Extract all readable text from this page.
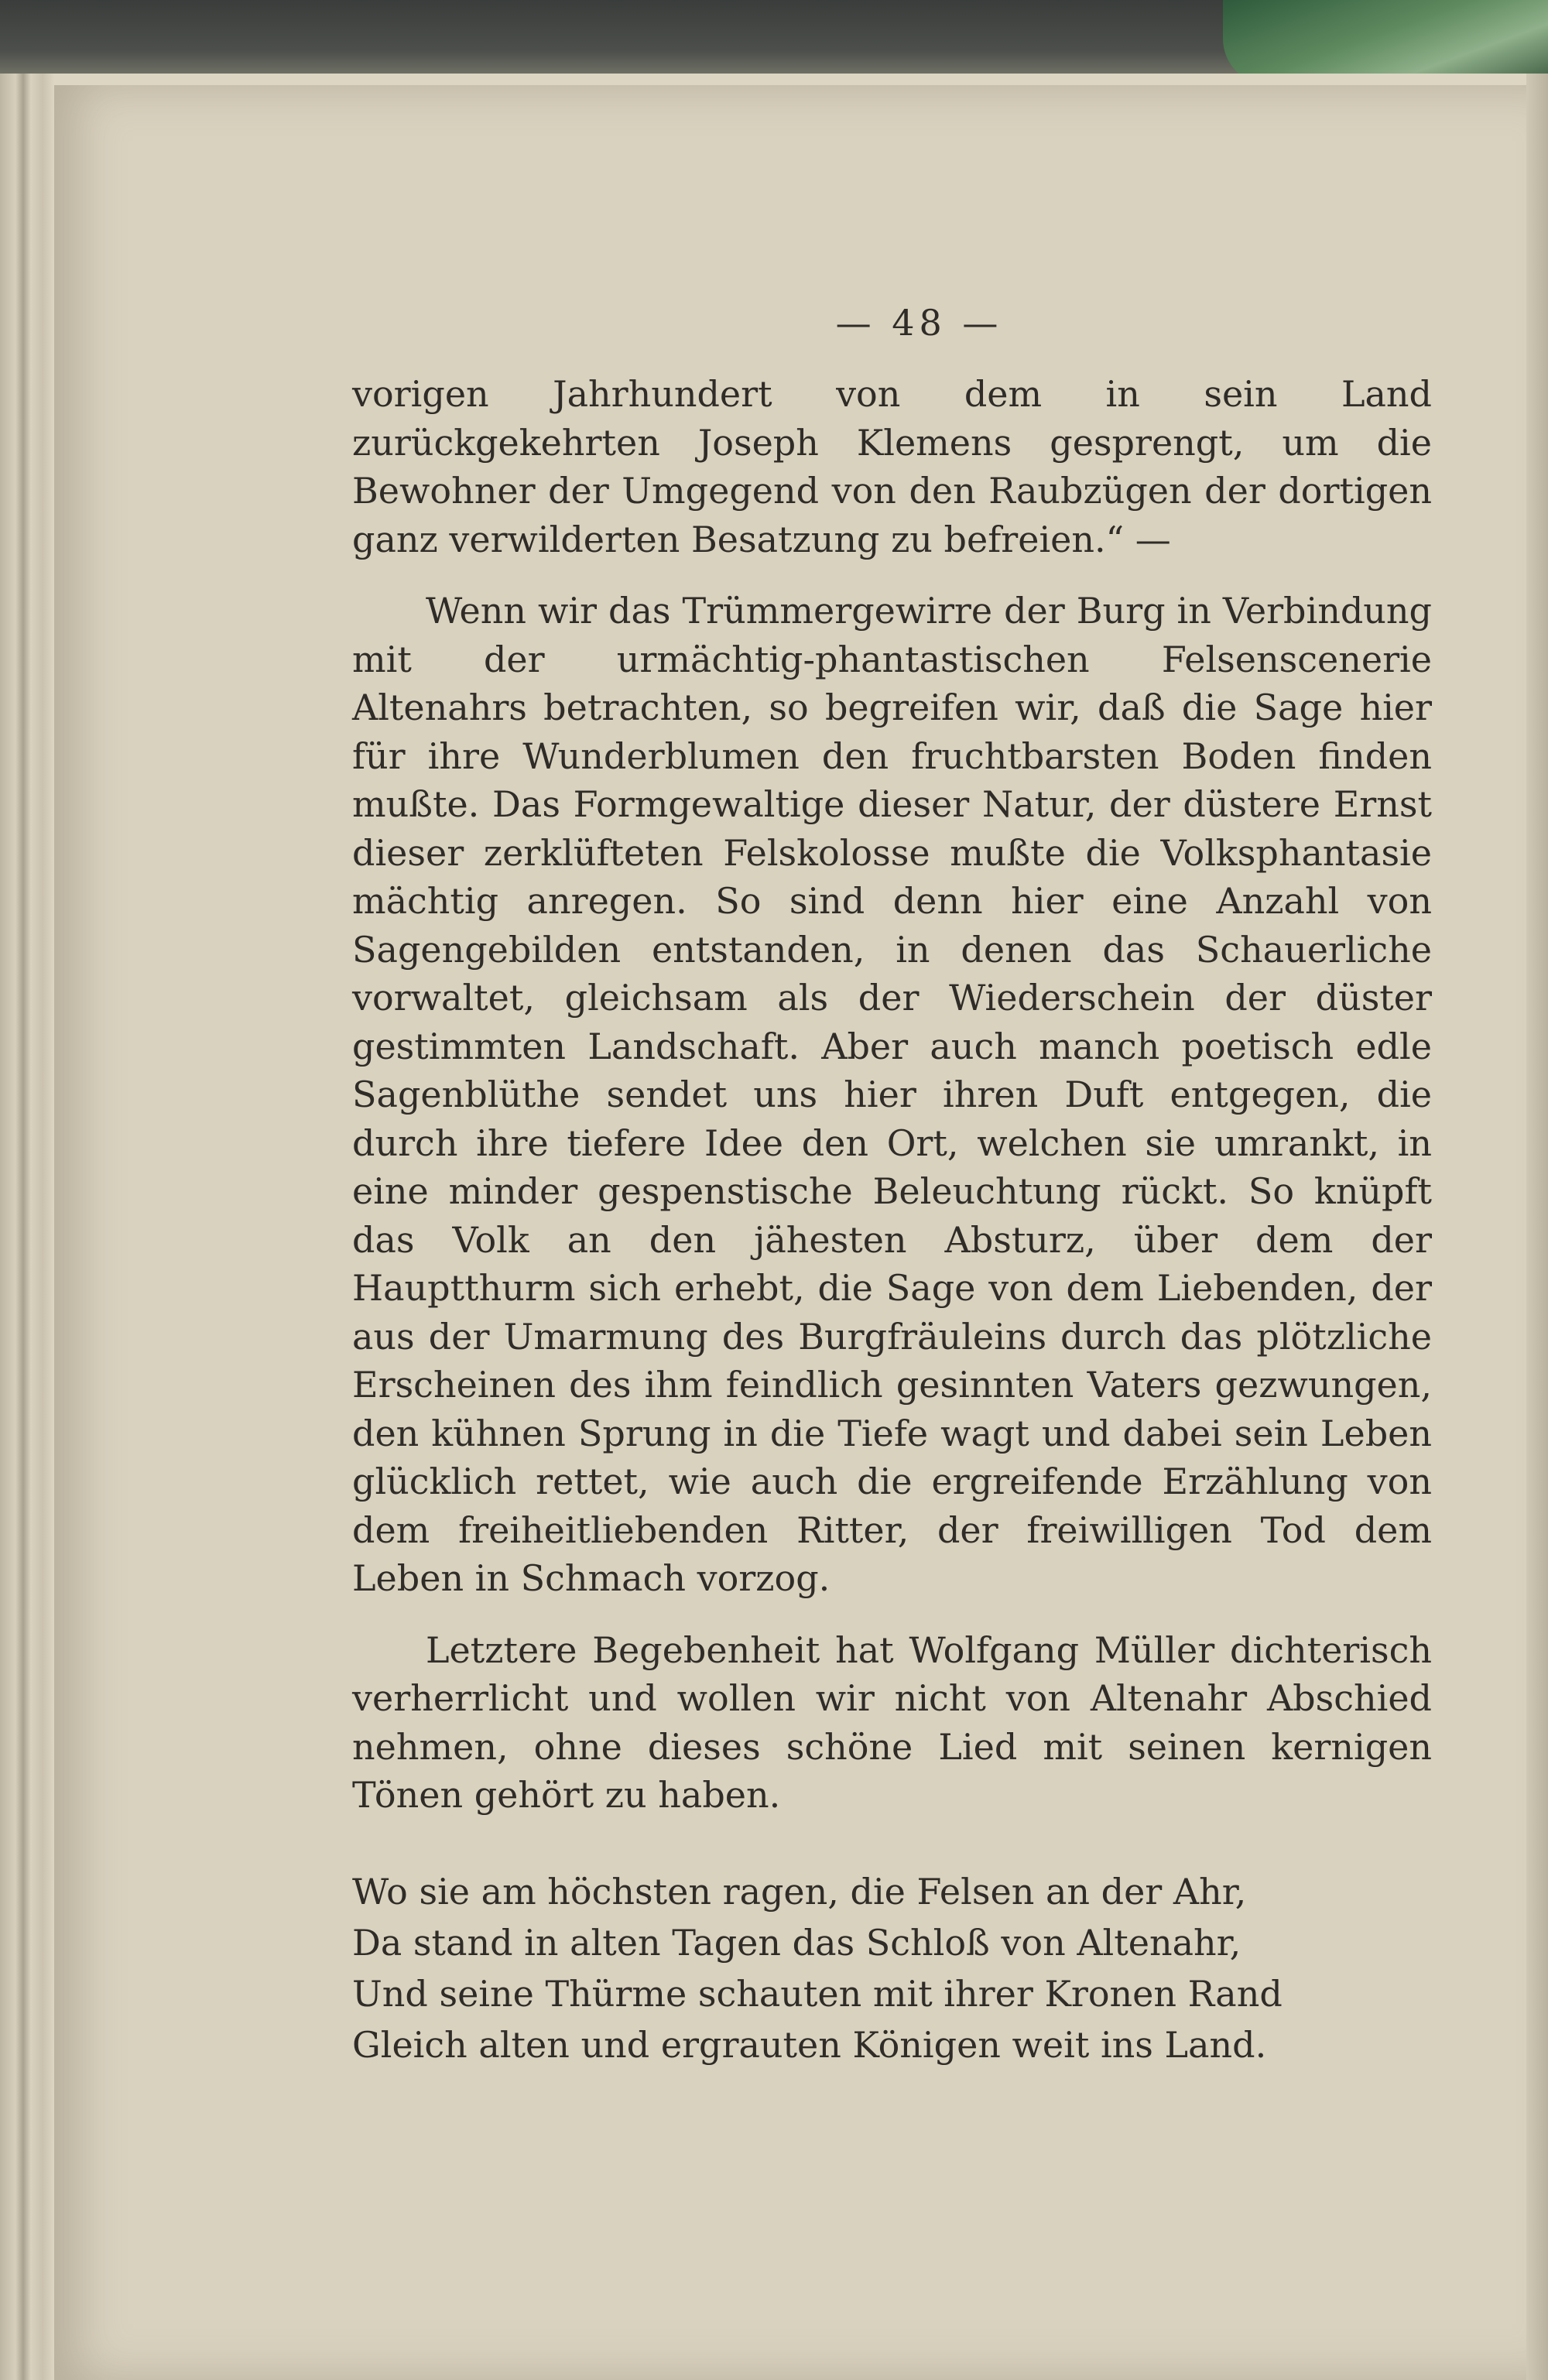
— 48 —

vorigen Jahrhundert von dem in sein Land zurückgekehrten Joseph Klemens gesprengt, um die Bewohner der Umgegend von den Raubzügen der dortigen ganz verwilderten Besatzung zu befreien.“ —

Wenn wir das Trümmergewirre der Burg in Verbindung mit der urmächtig-phantastischen Felsenscenerie Altenahrs betrachten, so begreifen wir, daß die Sage hier für ihre Wunderblumen den fruchtbarsten Boden finden mußte. Das Formgewaltige dieser Natur, der düstere Ernst dieser zerklüfteten Felskolosse mußte die Volksphantasie mächtig anregen. So sind denn hier eine Anzahl von Sagengebilden entstanden, in denen das Schauerliche vorwaltet, gleichsam als der Wiederschein der düster gestimmten Landschaft. Aber auch manch poetisch edle Sagenblüthe sendet uns hier ihren Duft entgegen, die durch ihre tiefere Idee den Ort, welchen sie umrankt, in eine minder gespenstische Beleuchtung rückt. So knüpft das Volk an den jähesten Absturz, über dem der Hauptthurm sich erhebt, die Sage von dem Liebenden, der aus der Umarmung des Burgfräuleins durch das plötzliche Erscheinen des ihm feindlich gesinnten Vaters gezwungen, den kühnen Sprung in die Tiefe wagt und dabei sein Leben glücklich rettet, wie auch die ergreifende Erzählung von dem freiheitliebenden Ritter, der freiwilligen Tod dem Leben in Schmach vorzog.

Letztere Begebenheit hat Wolfgang Müller dichterisch verherrlicht und wollen wir nicht von Altenahr Abschied nehmen, ohne dieses schöne Lied mit seinen kernigen Tönen gehört zu haben.

Wo sie am höchsten ragen, die Felsen an der Ahr,
Da stand in alten Tagen das Schloß von Altenahr,
Und seine Thürme schauten mit ihrer Kronen Rand
Gleich alten und ergrauten Königen weit ins Land.
